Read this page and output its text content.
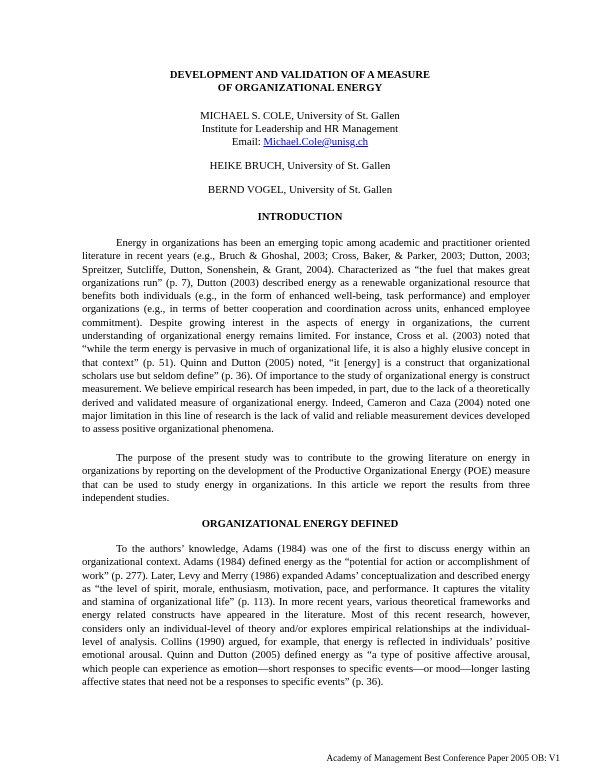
DEVELOPMENT AND VALIDATION OF A MEASURE
OF ORGANIZATIONAL ENERGY
MICHAEL S. COLE, University of St. Gallen
Institute for Leadership and HR Management
Email: Michael.Cole@unisg.ch
HEIKE BRUCH, University of St. Gallen
BERND VOGEL, University of St. Gallen
INTRODUCTION

Energy in organizations has been an emerging topic among academic and practitioner oriented literature in recent years (e.g., Bruch & Ghoshal, 2003; Cross, Baker, & Parker, 2003; Dutton, 2003; Spreitzer, Sutcliffe, Dutton, Sonenshein, & Grant, 2004). Characterized as “the fuel that makes great organizations run” (p. 7), Dutton (2003) described energy as a renewable organizational resource that benefits both individuals (e.g., in the form of enhanced well-being, task performance) and employer organizations (e.g., in terms of better cooperation and coordination across units, enhanced employee commitment). Despite growing interest in the aspects of energy in organizations, the current understanding of organizational energy remains limited. For instance, Cross et al. (2003) noted that “while the term energy is pervasive in much of organizational life, it is also a highly elusive concept in that context” (p. 51). Quinn and Dutton (2005) noted, “it [energy] is a construct that organizational scholars use but seldom define” (p. 36). Of importance to the study of organizational energy is construct measurement. We believe empirical research has been impeded, in part, due to the lack of a theoretically derived and validated measure of organizational energy. Indeed, Cameron and Caza (2004) noted one major limitation in this line of research is the lack of valid and reliable measurement devices developed to assess positive organizational phenomena.

The purpose of the present study was to contribute to the growing literature on energy in organizations by reporting on the development of the Productive Organizational Energy (POE) measure that can be used to study energy in organizations. In this article we report the results from three independent studies.

ORGANIZATIONAL ENERGY DEFINED

To the authors’ knowledge, Adams (1984) was one of the first to discuss energy within an organizational context. Adams (1984) defined energy as the “potential for action or accomplishment of work” (p. 277). Later, Levy and Merry (1986) expanded Adams’ conceptualization and described energy as “the level of spirit, morale, enthusiasm, motivation, pace, and performance. It captures the vitality and stamina of organizational life” (p. 113). In more recent years, various theoretical frameworks and energy related constructs have appeared in the literature. Most of this recent research, however, considers only an individual-level of theory and/or explores empirical relationships at the individual-level of analysis. Collins (1990) argued, for example, that energy is reflected in individuals’ positive emotional arousal. Quinn and Dutton (2005) defined energy as “a type of positive affective arousal, which people can experience as emotion—short responses to specific events—or mood—longer lasting affective states that need not be a responses to specific events” (p. 36).

Academy of Management Best Conference Paper 2005 OB: V1
